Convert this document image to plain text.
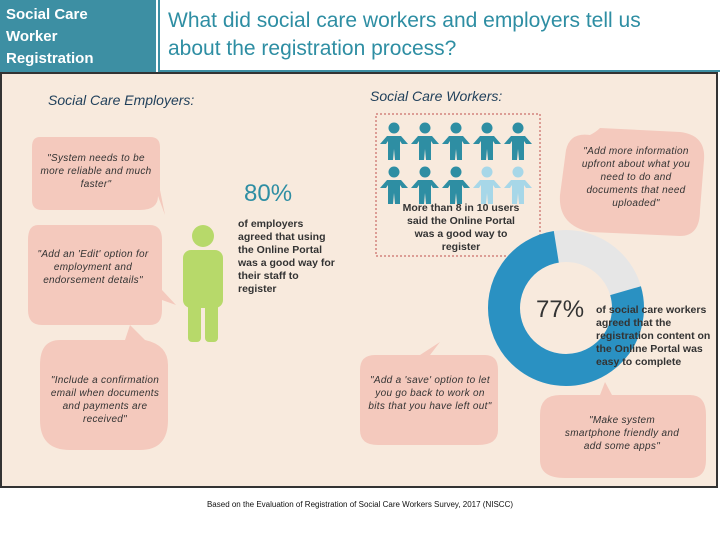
Social Care
Worker
Registration
What did social care workers and employers tell us
about the registration process?
Social Care Employers:	Social Care Workers:
"System needs to be more reliable and much faster"
"Add an 'Edit' option for employment and endorsement details"
"Include a confirmation email when documents and payments are received"
80%
of employers agreed that using the Online Portal was a good way for their staff to register
More than 8 in 10 users said the Online Portal was a good way to register
"Add more information upfront about what you need to do and documents that need uploaded"
"Add a 'save' option to let you go back to work on bits that you have left out"
"Make system smartphone friendly and add some apps"
77% of social care workers agreed that the registration content on the Online Portal was easy to complete
Based on the Evaluation of Registration of Social Care Workers Survey, 2017 (NISCC)
